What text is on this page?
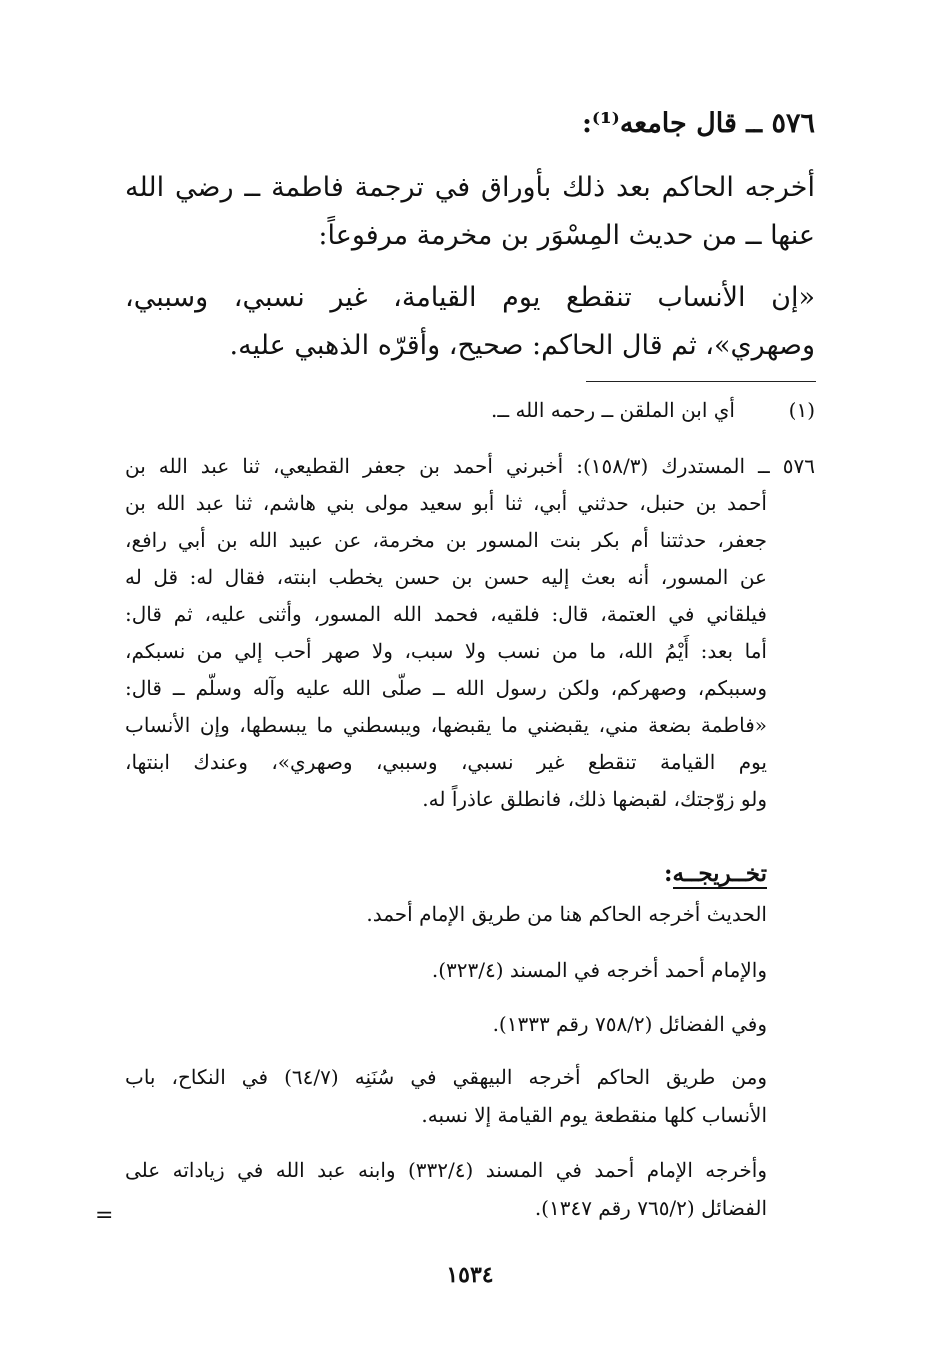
٥٧٦ ــ قال جامعه⁽¹⁾:
أخرجه الحاكم بعد ذلك بأوراق في ترجمة فاطمة ــ رضي الله
عنها ــ من حديث المِسْوَر بن مخرمة مرفوعاً:
«إن الأنساب تنقطع يوم القيامة، غير نسبي، وسببي،
وصهري»، ثم قال الحاكم: صحيح، وأقرّه الذهبي عليه.
(١)
أي ابن الملقن ــ رحمه الله ــ.
٥٧٦ ــ المستدرك (١٥٨/٣): أخبرني أحمد بن جعفر القطيعي، ثنا عبد الله بن
أحمد بن حنبل، حدثني أبي، ثنا أبو سعيد مولى بني هاشم، ثنا عبد الله بن
جعفر، حدثتنا أم بكر بنت المسور بن مخرمة، عن عبيد الله بن أبي رافع،
عن المسور، أنه بعث إليه حسن بن حسن يخطب ابنته، فقال له: قل له
فيلقاني في العتمة، قال: فلقيه، فحمد الله المسور، وأثنى عليه، ثم قال:
أما بعد: أَيْمُ الله، ما من نسب ولا سبب، ولا صهر أحب إلي من نسبكم،
وسببكم، وصهركم، ولكن رسول الله ــ صلّى الله عليه وآله وسلّم ــ قال:
«فاطمة بضعة مني، يقبضني ما يقبضها، ويبسطني ما يبسطها، وإن الأنساب
يوم القيامة تنقطع غير نسبي، وسببي، وصهري»، وعندك ابنتها،
ولو زوّجتك، لقبضها ذلك، فانطلق عاذراً له.
تخــريجــه:
الحديث أخرجه الحاكم هنا من طريق الإمام أحمد.
والإمام أحمد أخرجه في المسند (٣٢٣/٤).
وفي الفضائل (٧٥٨/٢ رقم ١٣٣٣).
ومن طريق الحاكم أخرجه البيهقي في سُنَنِه (٦٤/٧) في النكاح، باب
الأنساب كلها منقطعة يوم القيامة إلا نسبه.
وأخرجه الإمام أحمد في المسند (٣٣٢/٤) وابنه عبد الله في زياداته على
الفضائل (٧٦٥/٢ رقم ١٣٤٧).
=
١٥٣٤
